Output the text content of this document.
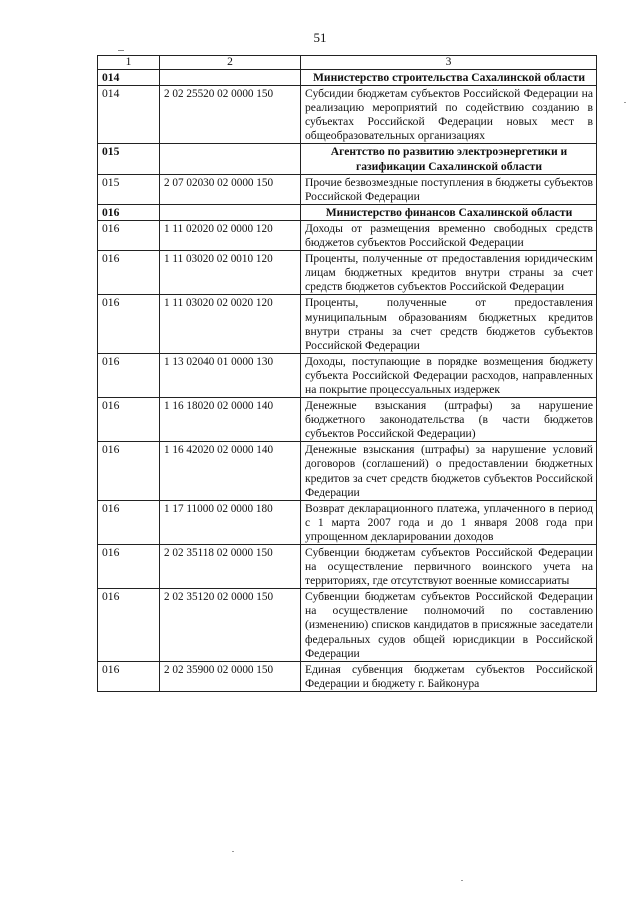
51
1	2	3
014		Министерство строительства Сахалинской области
014	2 02 25520 02 0000 150	Субсидии бюджетам субъектов Российской Федерации на реализацию мероприятий по содействию созданию в субъектах Российской Федерации новых мест в общеобразовательных организациях
015		Агентство по развитию электроэнергетики и газификации Сахалинской области
015	2 07 02030 02 0000 150	Прочие безвозмездные поступления в бюджеты субъектов Российской Федерации
016		Министерство финансов Сахалинской области
016	1 11 02020 02 0000 120	Доходы от размещения временно свободных средств бюджетов субъектов Российской Федерации
016	1 11 03020 02 0010 120	Проценты, полученные от предоставления юридическим лицам бюджетных кредитов внутри страны за счет средств бюджетов субъектов Российской Федерации
016	1 11 03020 02 0020 120	Проценты, полученные от предоставления муниципальным образованиям бюджетных кредитов внутри страны за счет средств бюджетов субъектов Российской Федерации
016	1 13 02040 01 0000 130	Доходы, поступающие в порядке возмещения бюджету субъекта Российской Федерации расходов, направленных на покрытие процессуальных издержек
016	1 16 18020 02 0000 140	Денежные взыскания (штрафы) за нарушение бюджетного законодательства (в части бюджетов субъектов Российской Федерации)
016	1 16 42020 02 0000 140	Денежные взыскания (штрафы) за нарушение условий договоров (соглашений) о предоставлении бюджетных кредитов за счет средств бюджетов субъектов Российской Федерации
016	1 17 11000 02 0000 180	Возврат декларационного платежа, уплаченного в период с 1 марта 2007 года и до 1 января 2008 года при упрощенном декларировании доходов
016	2 02 35118 02 0000 150	Субвенции бюджетам субъектов Российской Федерации на осуществление первичного воинского учета на территориях, где отсутствуют военные комиссариаты
016	2 02 35120 02 0000 150	Субвенции бюджетам субъектов Российской Федерации на осуществление полномочий по составлению (изменению) списков кандидатов в присяжные заседатели федеральных судов общей юрисдикции в Российской Федерации
016	2 02 35900 02 0000 150	Единая субвенция бюджетам субъектов Российской Федерации и бюджету г. Байконура
